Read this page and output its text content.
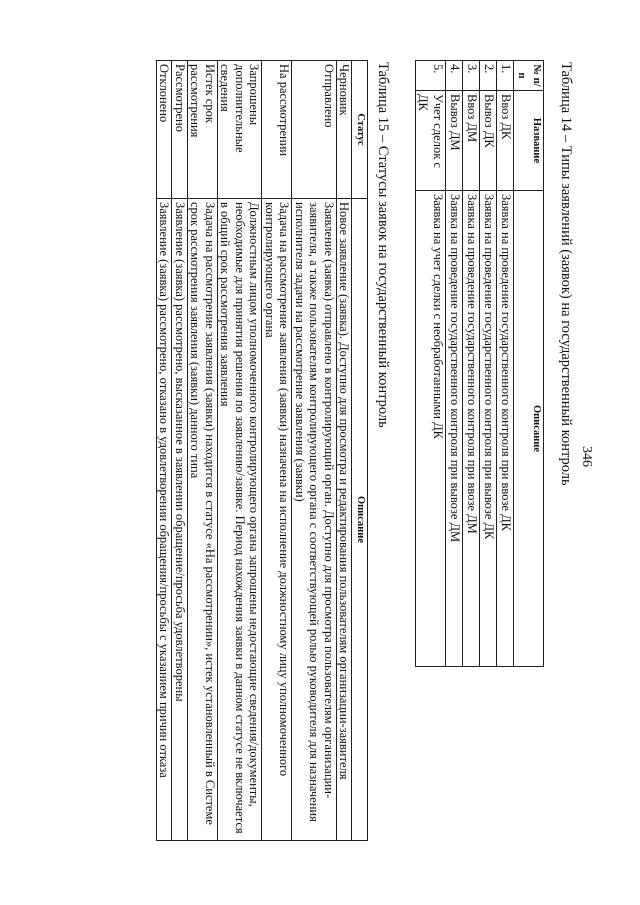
346
Таблица 14 – Типы заявлений (заявок) на государственный контроль
№ п/п	Название	Описание
1.	Ввоз ДК	Заявка на проведение государственного контроля при ввозе ДК
2.	Вывоз ДК	Заявка на проведение государственного контроля при вывозе ДК
3.	Ввоз ДМ	Заявка на проведение государственного контроля при ввозе ДМ
4.	Вывоз ДМ	Заявка на проведение государственного контроля при вывозе ДМ
5.	Учет сделок с ДК	Заявка на учет сделки с необработанными ДК
Таблица 15 – Статусы заявок на государственный контроль
Статус	Описание
Черновик	Новое заявление (заявка). Доступно для просмотра и редактирования пользователям организации-заявителя
Отправлено	Заявление (заявка) отправлено в контролирующий орган. Доступно для просмотра пользователям организации-заявителя, а также пользователям контролирующего органа с соответствующей ролью руководителя для назначения исполнителя задачи на рассмотрение заявления (заявки)
На рассмотрении	Задача на рассмотрение заявления (заявки) назначена на исполнение должностному лицу уполномоченного контролирующего органа
Запрошены дополнительные сведения	Должностным лицом уполномоченного контролирующего органа запрошены недостающие сведения/документы, необходимые для принятия решения по заявлению/заявке. Период нахождения заявки в данном статусе не включается в общий срок рассмотрения заявления
Истек срок рассмотрения	Задача на рассмотрение заявления (заявки) находится в статусе «На рассмотрении», истек установленный в Системе срок рассмотрения заявления (заявки) данного типа
Рассмотрено	Заявление (заявка) рассмотрено, высказанное в заявлении обращение/просьба удовлетворены
Отклонено	Заявление (заявка) рассмотрено, отказано в удовлетворении обращения/просьбы с указанием причин отказа
